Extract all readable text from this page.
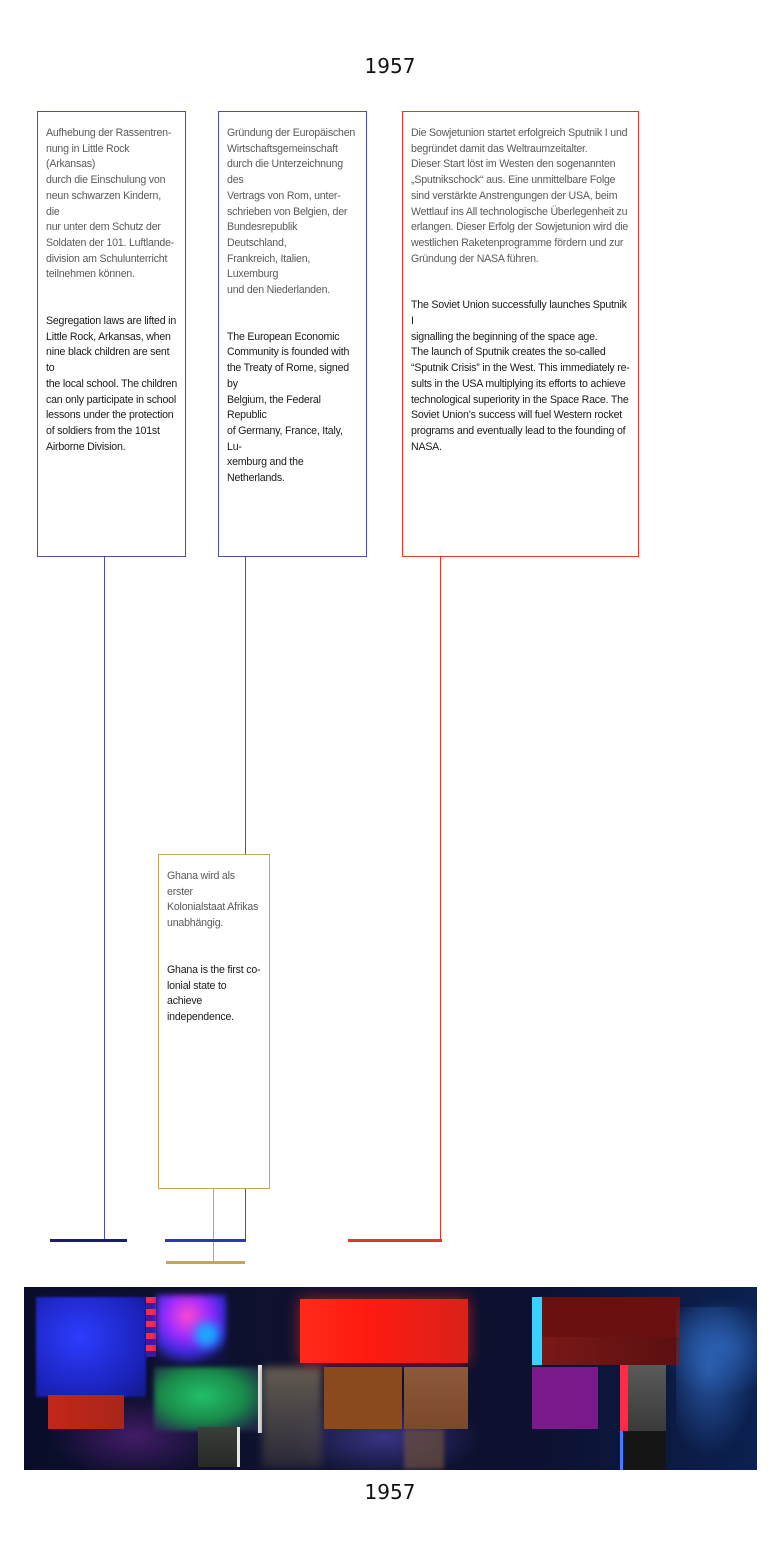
1957

Aufhebung der Rassentren-
nung in Little Rock (Arkansas)
durch die Einschulung von
neun schwarzen Kindern, die
nur unter dem Schutz der
Soldaten der 101. Luftlande-
division am Schulunterricht
teilnehmen können.

Segregation laws are lifted in
Little Rock, Arkansas, when
nine black children are sent to
the local school. The children
can only participate in school
lessons under the protection
of soldiers from the 101st
Airborne Division.

Gründung der Europäischen
Wirtschaftsgemeinschaft
durch die Unterzeichnung des
Vertrags von Rom, unter-
schrieben von Belgien, der
Bundesrepublik Deutschland,
Frankreich, Italien, Luxemburg
und den Niederlanden.

The European Economic
Community is founded with
the Treaty of Rome, signed by
Belgium, the Federal Republic
of Germany, France, Italy, Lu-
xemburg and the Netherlands.

Die Sowjetunion startet erfolgreich Sputnik I und
begründet damit das Weltraumzeitalter.
Dieser Start löst im Westen den sogenannten
„Sputnikschock“ aus. Eine unmittelbare Folge
sind verstärkte Anstrengungen der USA, beim
Wettlauf ins All technologische Überlegenheit zu
erlangen. Dieser Erfolg der Sowjetunion wird die
westlichen Raketenprogramme fördern und zur
Gründung der NASA führen.

The Soviet Union successfully launches Sputnik I
signalling the beginning of the space age.
The launch of Sputnik creates the so-called
“Sputnik Crisis” in the West. This immediately re-
sults in the USA multiplying its efforts to achieve
technological superiority in the Space Race. The
Soviet Union’s success will fuel Western rocket
programs and eventually lead to the founding of
NASA.

Ghana wird als erster
Kolonialstaat Afrikas
unabhängig.

Ghana is the first co-
lonial state to achieve
independence.

1957
